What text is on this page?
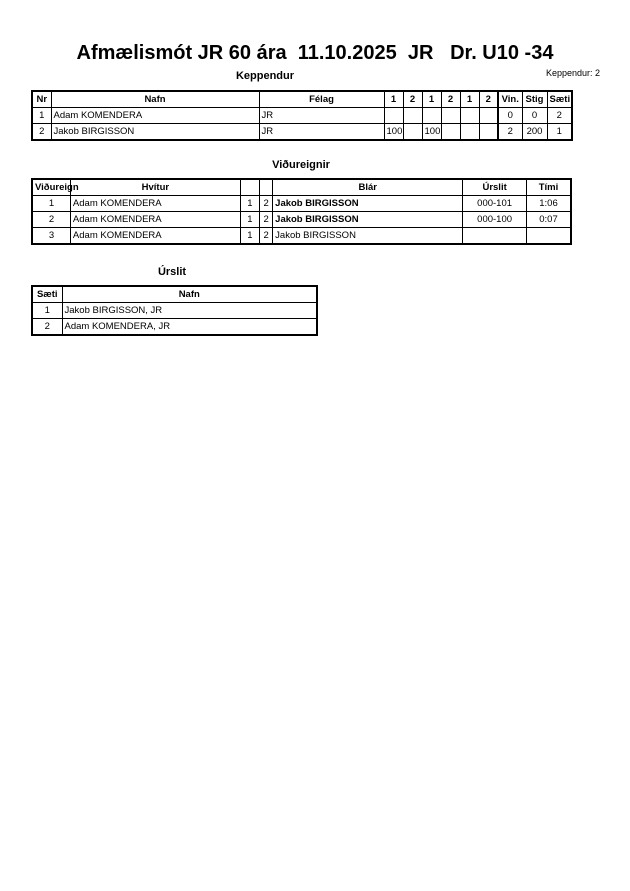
Afmælismót JR 60 ára  11.10.2025  JR   Dr. U10 -34
Keppendur	Keppendur: 2
Nr	Nafn	Félag	1	2	1	2	1	2	Vin.	Stig	Sæti
1	Adam KOMENDERA	JR							0	0	2
2	Jakob BIRGISSON	JR	100		100				2	200	1
Viðureignir
Viðureign	Hvítur			Blár	Úrslit	Tími
1	Adam KOMENDERA	1	2	Jakob BIRGISSON	000-101	1:06
2	Adam KOMENDERA	1	2	Jakob BIRGISSON	000-100	0:07
3	Adam KOMENDERA	1	2	Jakob BIRGISSON		
Úrslit
Sæti	Nafn
1	Jakob BIRGISSON, JR
2	Adam KOMENDERA, JR
